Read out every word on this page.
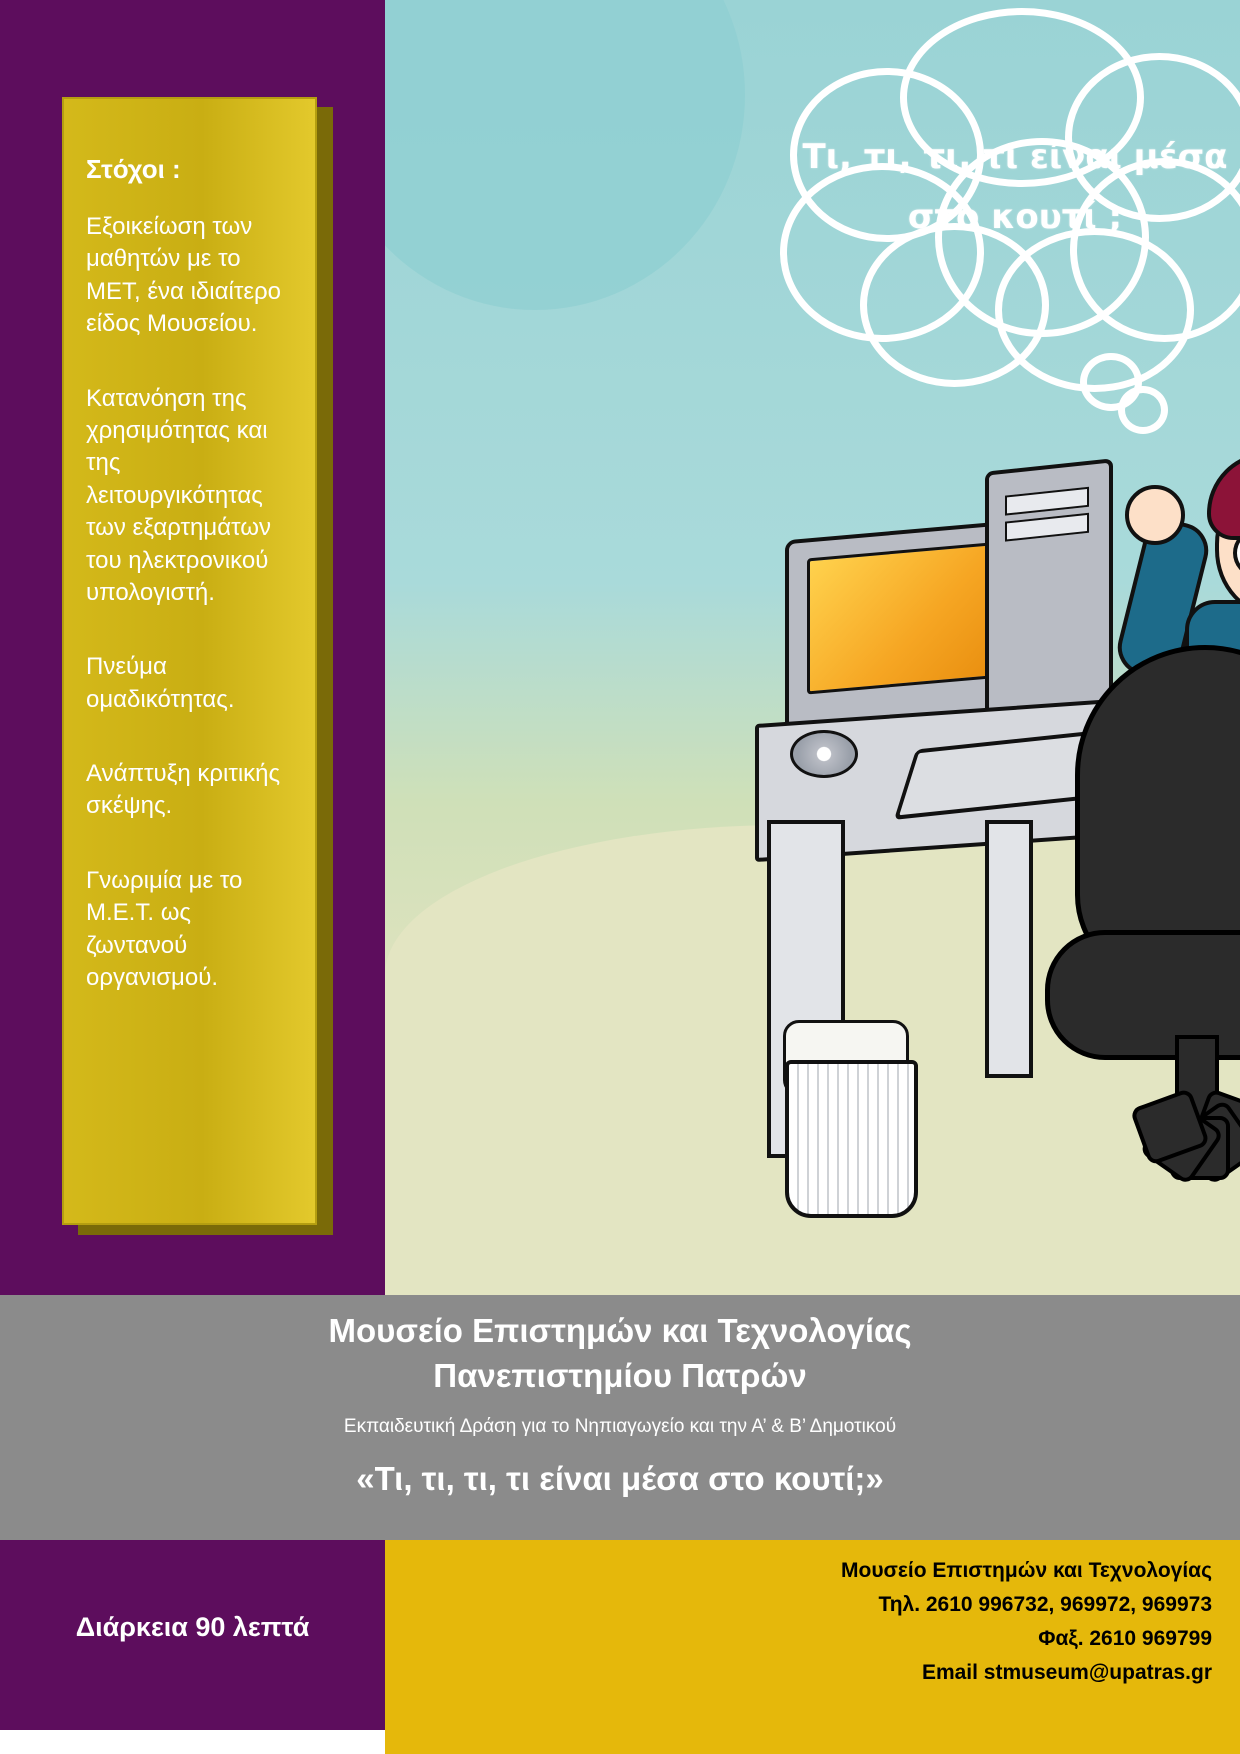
Τι, τι, τι, τι είναι μέσα στο κουτί ;
Στόχοι :
Εξοικείωση των μαθητών με το ΜΕΤ, ένα ιδιαίτερο είδος Μουσείου.
Κατανόηση της χρησιμότητας και της λειτουργικότητας των εξαρτημάτων του ηλεκτρονικού υπολογιστή.
Πνεύμα ομαδικότητας.
Ανάπτυξη κριτικής σκέψης.
Γνωριμία με το Μ.Ε.Τ. ως ζωντανού οργανισμού.
Μουσείο Επιστημών και Τεχνολογίας
Πανεπιστημίου Πατρών
Εκπαιδευτική Δράση για το Νηπιαγωγείο και την Α’ & Β’ Δημοτικού
«Τι, τι, τι, τι είναι μέσα στο κουτί;»
Διάρκεια 90 λεπτά
Μουσείο Επιστημών και Τεχνολογίας
Τηλ. 2610 996732, 969972, 969973
Φαξ. 2610 969799
Email stmuseum@upatras.gr
